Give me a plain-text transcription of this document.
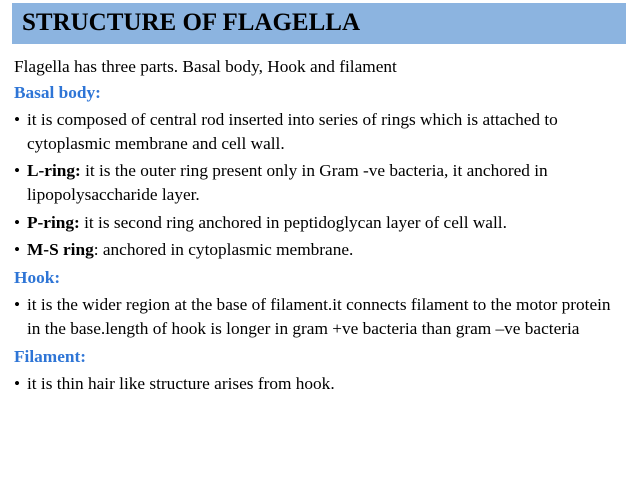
STRUCTURE OF FLAGELLA
Flagella has three parts. Basal body, Hook and filament
Basal body:
• it is composed of central rod inserted into series of rings which is attached to cytoplasmic membrane and cell wall.
• L-ring: it is the outer ring present only in Gram -ve bacteria, it anchored in lipopolysaccharide layer.
• P-ring: it is second ring anchored in peptidoglycan layer of cell wall.
• M-S ring: anchored in cytoplasmic membrane.
Hook:
• it is the wider region at the base of filament.it connects filament to the motor protein in the base.length of hook is longer in gram +ve bacteria than gram –ve bacteria
Filament:
• it is thin hair like structure arises from hook.
